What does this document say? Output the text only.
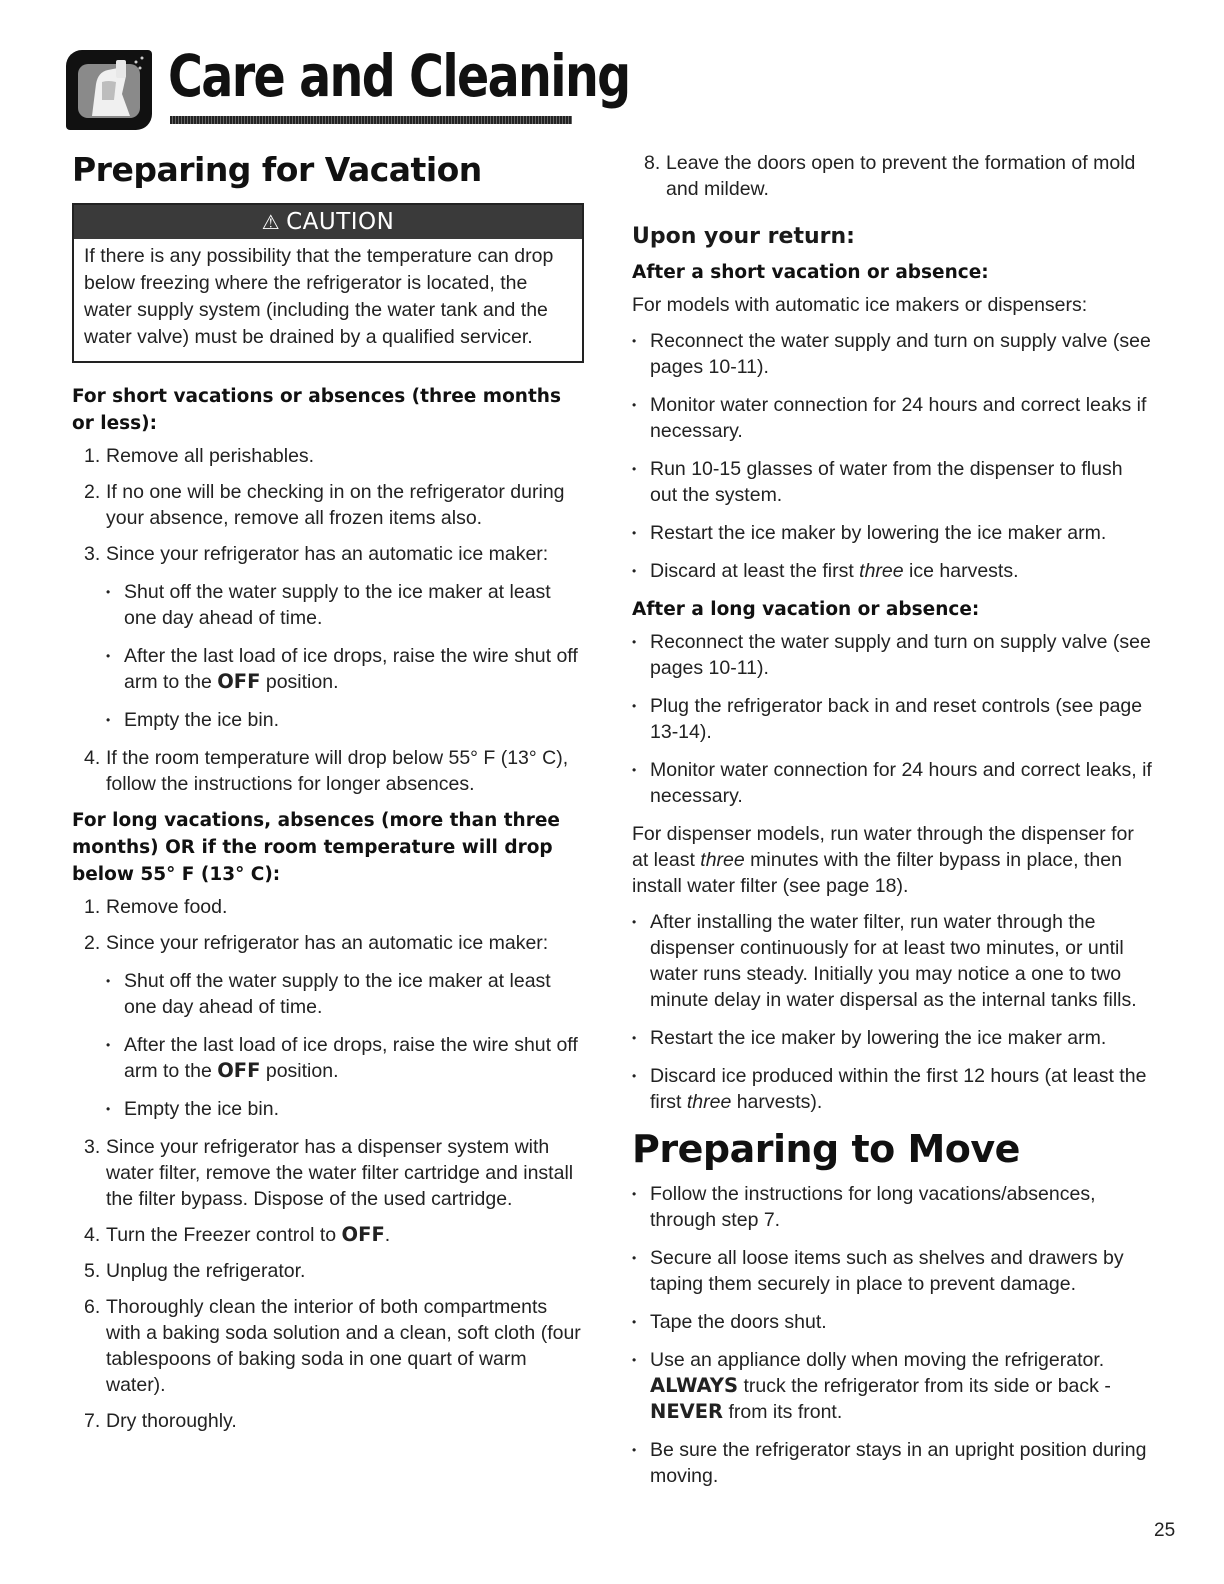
Care and Cleaning
Preparing for Vacation
⚠ CAUTION
If there is any possibility that the temperature can drop below freezing where the refrigerator is located, the water supply system (including the water tank and the water valve) must be drained by a qualified servicer.
For short vacations or absences (three months or less):
1. Remove all perishables.
2. If no one will be checking in on the refrigerator during your absence, remove all frozen items also.
3. Since your refrigerator has an automatic ice maker:
• Shut off the water supply to the ice maker at least one day ahead of time.
• After the last load of ice drops, raise the wire shut off arm to the OFF position.
• Empty the ice bin.
4. If the room temperature will drop below 55° F (13° C), follow the instructions for longer absences.
For long vacations, absences (more than three months) OR if the room temperature will drop below 55° F (13° C):
1. Remove food.
2. Since your refrigerator has an automatic ice maker:
• Shut off the water supply to the ice maker at least one day ahead of time.
• After the last load of ice drops, raise the wire shut off arm to the OFF position.
• Empty the ice bin.
3. Since your refrigerator has a dispenser system with water filter, remove the water filter cartridge and install the filter bypass. Dispose of the used cartridge.
4. Turn the Freezer control to OFF.
5. Unplug the refrigerator.
6. Thoroughly clean the interior of both compartments with a baking soda solution and a clean, soft cloth (four tablespoons of baking soda in one quart of warm water).
7. Dry thoroughly.
8. Leave the doors open to prevent the formation of mold and mildew.
Upon your return:
After a short vacation or absence:

For models with automatic ice makers or dispensers:

• Reconnect the water supply and turn on supply valve (see pages 10-11).
• Monitor water connection for 24 hours and correct leaks if necessary.
• Run 10-15 glasses of water from the dispenser to flush out the system.
• Restart the ice maker by lowering the ice maker arm.
• Discard at least the first three ice harvests.
After a long vacation or absence:
• Reconnect the water supply and turn on supply valve (see pages 10-11).
• Plug the refrigerator back in and reset controls (see page 13-14).
• Monitor water connection for 24 hours and correct leaks, if necessary.

For dispenser models, run water through the dispenser for at least three minutes with the filter bypass in place, then install water filter (see page 18).

• After installing the water filter, run water through the dispenser continuously for at least two minutes, or until water runs steady. Initially you may notice a one to two minute delay in water dispersal as the internal tanks fills.
• Restart the ice maker by lowering the ice maker arm.
• Discard ice produced within the first 12 hours (at least the first three harvests).
Preparing to Move
• Follow the instructions for long vacations/absences, through step 7.
• Secure all loose items such as shelves and drawers by taping them securely in place to prevent damage.
• Tape the doors shut.
• Use an appliance dolly when moving the refrigerator. ALWAYS truck the refrigerator from its side or back - NEVER from its front.
• Be sure the refrigerator stays in an upright position during moving.
25
